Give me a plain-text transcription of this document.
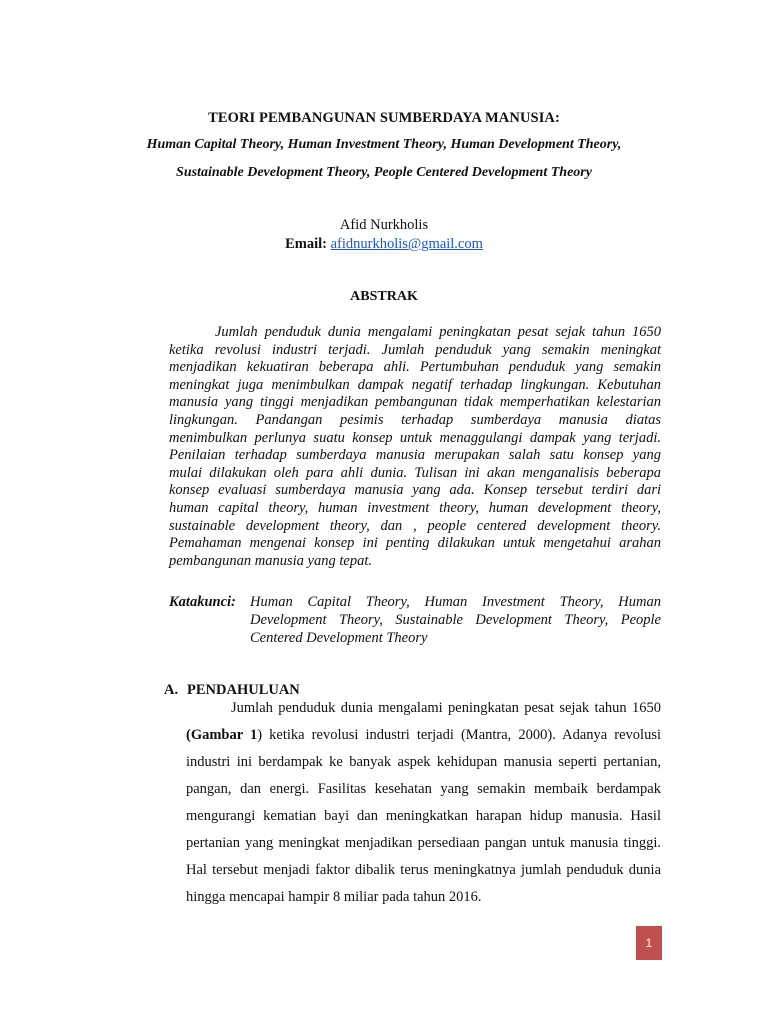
TEORI PEMBANGUNAN SUMBERDAYA MANUSIA:
Human Capital Theory, Human Investment Theory, Human Development Theory,
Sustainable Development Theory, People Centered Development Theory
Afid Nurkholis
Email: afidnurkholis@gmail.com
ABSTRAK
Jumlah penduduk dunia mengalami peningkatan pesat sejak tahun 1650
ketika revolusi industri terjadi. Jumlah penduduk yang semakin meningkat
menjadikan kekuatiran beberapa ahli. Pertumbuhan penduduk yang semakin
meningkat juga menimbulkan dampak negatif terhadap lingkungan. Kebutuhan
manusia yang tinggi menjadikan pembangunan tidak memperhatikan kelestarian
lingkungan. Pandangan pesimis terhadap sumberdaya manusia diatas
menimbulkan perlunya suatu konsep untuk menaggulangi dampak yang terjadi.
Penilaian terhadap sumberdaya manusia merupakan salah satu konsep yang
mulai dilakukan oleh para ahli dunia. Tulisan ini akan menganalisis beberapa
konsep evaluasi sumberdaya manusia yang ada. Konsep tersebut terdiri dari
human capital theory, human investment theory, human development theory,
sustainable development theory, dan , people centered development theory.
Pemahaman mengenai konsep ini penting dilakukan untuk mengetahui arahan
pembangunan manusia yang tepat.
Katakunci: Human Capital Theory, Human Investment Theory, Human
Development Theory, Sustainable Development Theory, People
Centered Development Theory
A. PENDAHULUAN
Jumlah penduduk dunia mengalami peningkatan pesat sejak tahun 1650
(Gambar 1) ketika revolusi industri terjadi (Mantra, 2000). Adanya revolusi
industri ini berdampak ke banyak aspek kehidupan manusia seperti pertanian,
pangan, dan energi. Fasilitas kesehatan yang semakin membaik berdampak
mengurangi kematian bayi dan meningkatkan harapan hidup manusia. Hasil
pertanian yang meningkat menjadikan persediaan pangan untuk manusia tinggi.
Hal tersebut menjadi faktor dibalik terus meningkatnya jumlah penduduk dunia
hingga mencapai hampir 8 miliar pada tahun 2016.
1
